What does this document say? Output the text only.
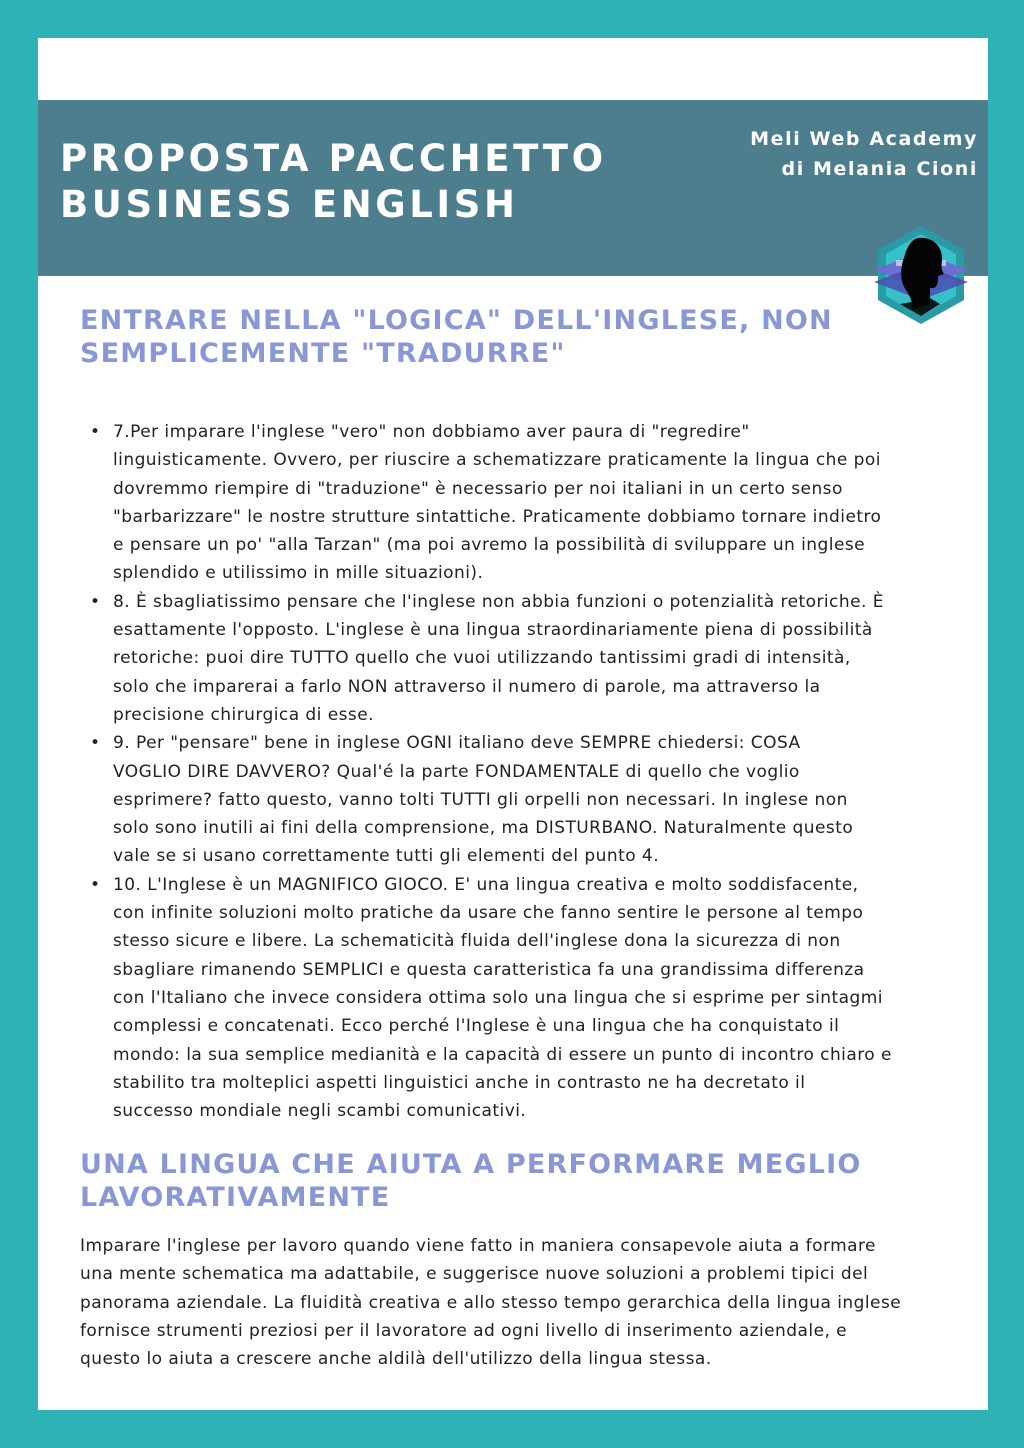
PROPOSTA PACCHETTO
BUSINESS ENGLISH
Meli Web Academy
di Melania Cioni
ENTRARE NELLA "LOGICA" DELL'INGLESE, NON
SEMPLICEMENTE "TRADURRE"
• 7.Per imparare l'inglese "vero" non dobbiamo aver paura di "regredire"
linguisticamente. Ovvero, per riuscire a schematizzare praticamente la lingua che poi
dovremmo riempire di "traduzione" è necessario per noi italiani in un certo senso
"barbarizzare" le nostre strutture sintattiche. Praticamente dobbiamo tornare indietro
e pensare un po' "alla Tarzan" (ma poi avremo la possibilità di sviluppare un inglese
splendido e utilissimo in mille situazioni).
• 8. È sbagliatissimo pensare che l'inglese non abbia funzioni o potenzialità retoriche. È
esattamente l'opposto. L'inglese è una lingua straordinariamente piena di possibilità
retoriche: puoi dire TUTTO quello che vuoi utilizzando tantissimi gradi di intensità,
solo che imparerai a farlo NON attraverso il numero di parole, ma attraverso la
precisione chirurgica di esse.
• 9. Per "pensare" bene in inglese OGNI italiano deve SEMPRE chiedersi: COSA
VOGLIO DIRE DAVVERO? Qual'é la parte FONDAMENTALE di quello che voglio
esprimere? fatto questo, vanno tolti TUTTI gli orpelli non necessari. In inglese non
solo sono inutili ai fini della comprensione, ma DISTURBANO. Naturalmente questo
vale se si usano correttamente tutti gli elementi del punto 4.
• 10. L'Inglese è un MAGNIFICO GIOCO. E' una lingua creativa e molto soddisfacente,
con infinite soluzioni molto pratiche da usare che fanno sentire le persone al tempo
stesso sicure e libere. La schematicità fluida dell'inglese dona la sicurezza di non
sbagliare rimanendo SEMPLICI e questa caratteristica fa una grandissima differenza
con l'Italiano che invece considera ottima solo una lingua che si esprime per sintagmi
complessi e concatenati. Ecco perché l'Inglese è una lingua che ha conquistato il
mondo: la sua semplice medianità e la capacità di essere un punto di incontro chiaro e
stabilito tra molteplici aspetti linguistici anche in contrasto ne ha decretato il
successo mondiale negli scambi comunicativi.
UNA LINGUA CHE AIUTA A PERFORMARE MEGLIO
LAVORATIVAMENTE

Imparare l'inglese per lavoro quando viene fatto in maniera consapevole aiuta a formare
una mente schematica ma adattabile, e suggerisce nuove soluzioni a problemi tipici del
panorama aziendale. La fluidità creativa e allo stesso tempo gerarchica della lingua inglese
fornisce strumenti preziosi per il lavoratore ad ogni livello di inserimento aziendale, e
questo lo aiuta a crescere anche aldilà dell'utilizzo della lingua stessa.
